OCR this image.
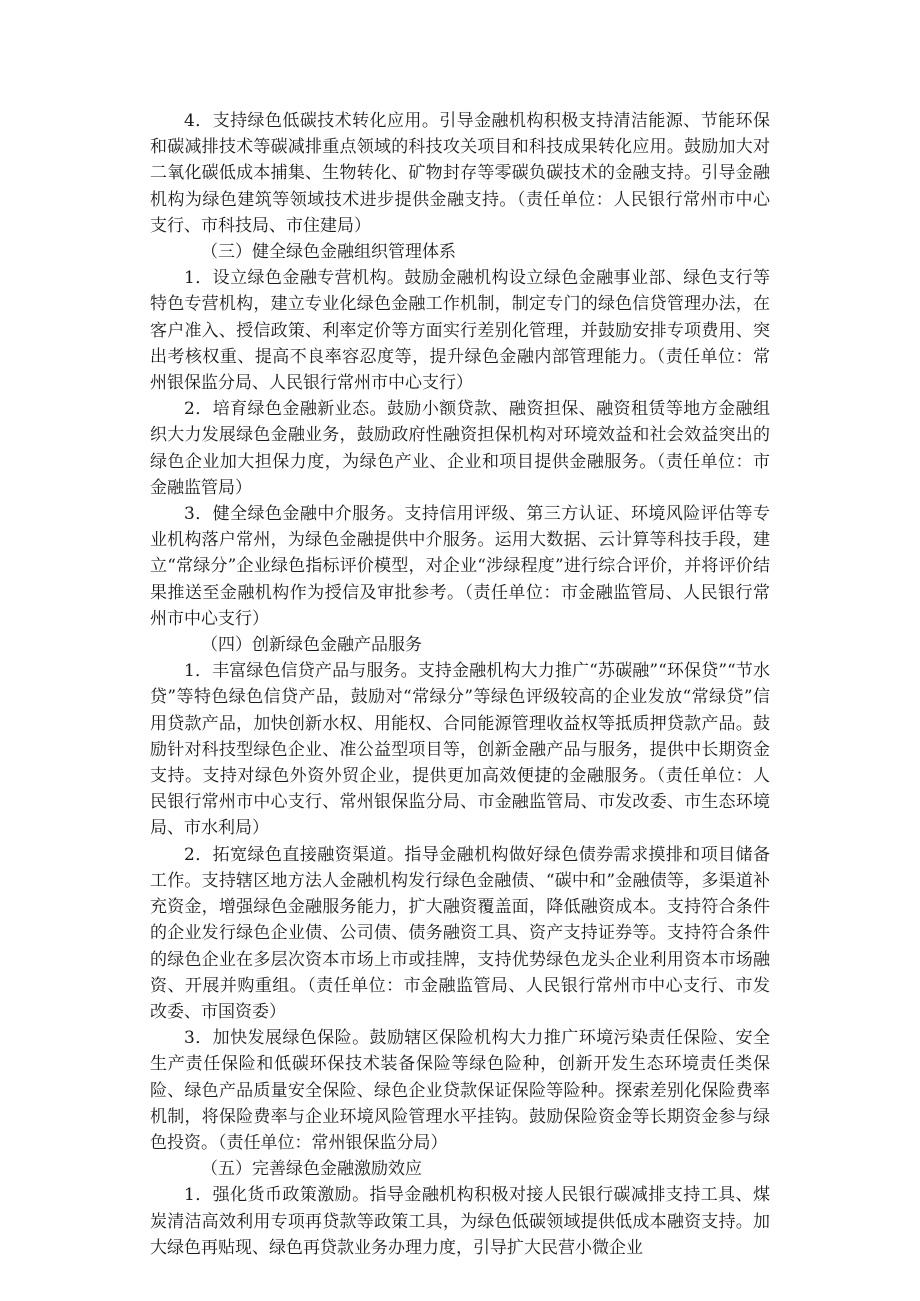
4．支持绿色低碳技术转化应用。引导金融机构积极支持清洁能源、节能环保和碳减排技术等碳减排重点领域的科技攻关项目和科技成果转化应用。鼓励加大对二氧化碳低成本捕集、生物转化、矿物封存等零碳负碳技术的金融支持。引导金融机构为绿色建筑等领域技术进步提供金融支持。（责任单位：人民银行常州市中心支行、市科技局、市住建局）

（三）健全绿色金融组织管理体系

1．设立绿色金融专营机构。鼓励金融机构设立绿色金融事业部、绿色支行等特色专营机构，建立专业化绿色金融工作机制，制定专门的绿色信贷管理办法，在客户准入、授信政策、利率定价等方面实行差别化管理，并鼓励安排专项费用、突出考核权重、提高不良率容忍度等，提升绿色金融内部管理能力。（责任单位：常州银保监分局、人民银行常州市中心支行）

2．培育绿色金融新业态。鼓励小额贷款、融资担保、融资租赁等地方金融组织大力发展绿色金融业务，鼓励政府性融资担保机构对环境效益和社会效益突出的绿色企业加大担保力度，为绿色产业、企业和项目提供金融服务。（责任单位：市金融监管局）

3．健全绿色金融中介服务。支持信用评级、第三方认证、环境风险评估等专业机构落户常州，为绿色金融提供中介服务。运用大数据、云计算等科技手段，建立“常绿分”企业绿色指标评价模型，对企业“涉绿程度”进行综合评价，并将评价结果推送至金融机构作为授信及审批参考。（责任单位：市金融监管局、人民银行常州市中心支行）

（四）创新绿色金融产品服务

1．丰富绿色信贷产品与服务。支持金融机构大力推广“苏碳融”“环保贷”“节水贷”等特色绿色信贷产品，鼓励对“常绿分”等绿色评级较高的企业发放“常绿贷”信用贷款产品，加快创新水权、用能权、合同能源管理收益权等抵质押贷款产品。鼓励针对科技型绿色企业、准公益型项目等，创新金融产品与服务，提供中长期资金支持。支持对绿色外资外贸企业，提供更加高效便捷的金融服务。（责任单位：人民银行常州市中心支行、常州银保监分局、市金融监管局、市发改委、市生态环境局、市水利局）

2．拓宽绿色直接融资渠道。指导金融机构做好绿色债券需求摸排和项目储备工作。支持辖区地方法人金融机构发行绿色金融债、“碳中和”金融债等，多渠道补充资金，增强绿色金融服务能力，扩大融资覆盖面，降低融资成本。支持符合条件的企业发行绿色企业债、公司债、债务融资工具、资产支持证券等。支持符合条件的绿色企业在多层次资本市场上市或挂牌，支持优势绿色龙头企业利用资本市场融资、开展并购重组。（责任单位：市金融监管局、人民银行常州市中心支行、市发改委、市国资委）

3．加快发展绿色保险。鼓励辖区保险机构大力推广环境污染责任保险、安全生产责任保险和低碳环保技术装备保险等绿色险种，创新开发生态环境责任类保险、绿色产品质量安全保险、绿色企业贷款保证保险等险种。探索差别化保险费率机制，将保险费率与企业环境风险管理水平挂钩。鼓励保险资金等长期资金参与绿色投资。（责任单位：常州银保监分局）

（五）完善绿色金融激励效应

1．强化货币政策激励。指导金融机构积极对接人民银行碳减排支持工具、煤炭清洁高效利用专项再贷款等政策工具，为绿色低碳领域提供低成本融资支持。加大绿色再贴现、绿色再贷款业务办理力度，引导扩大民营小微企业
